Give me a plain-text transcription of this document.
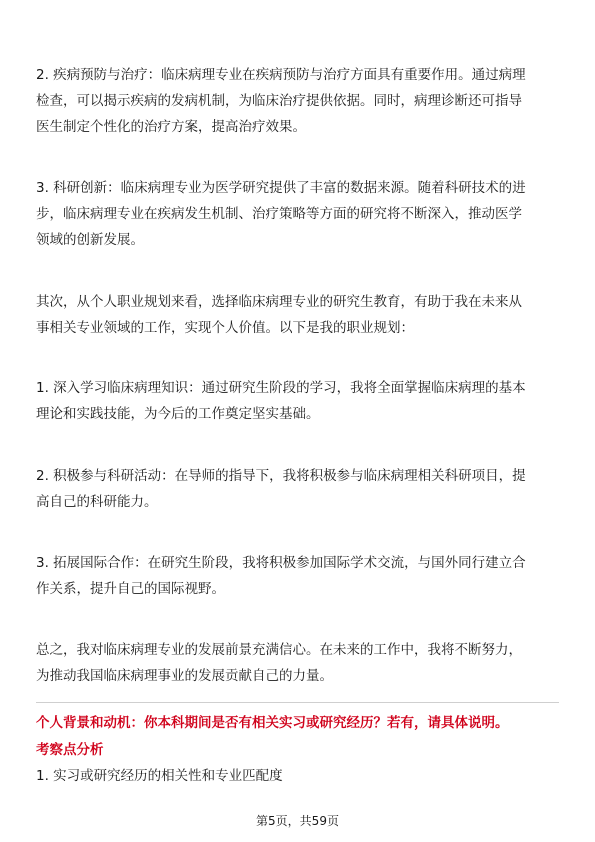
2. 疾病预防与治疗：临床病理专业在疾病预防与治疗方面具有重要作用。通过病理
检查，可以揭示疾病的发病机制，为临床治疗提供依据。同时，病理诊断还可指导
医生制定个性化的治疗方案，提高治疗效果。

3. 科研创新：临床病理专业为医学研究提供了丰富的数据来源。随着科研技术的进
步，临床病理专业在疾病发生机制、治疗策略等方面的研究将不断深入，推动医学
领域的创新发展。

其次，从个人职业规划来看，选择临床病理专业的研究生教育，有助于我在未来从
事相关专业领域的工作，实现个人价值。以下是我的职业规划：

1. 深入学习临床病理知识：通过研究生阶段的学习，我将全面掌握临床病理的基本
理论和实践技能，为今后的工作奠定坚实基础。

2. 积极参与科研活动：在导师的指导下，我将积极参与临床病理相关科研项目，提
高自己的科研能力。

3. 拓展国际合作：在研究生阶段，我将积极参加国际学术交流，与国外同行建立合
作关系，提升自己的国际视野。

总之，我对临床病理专业的发展前景充满信心。在未来的工作中，我将不断努力，
为推动我国临床病理事业的发展贡献自己的力量。

个人背景和动机：你本科期间是否有相关实习或研究经历？若有，请具体说明。
考察点分析
1. 实习或研究经历的相关性和专业匹配度
第5页，共59页
